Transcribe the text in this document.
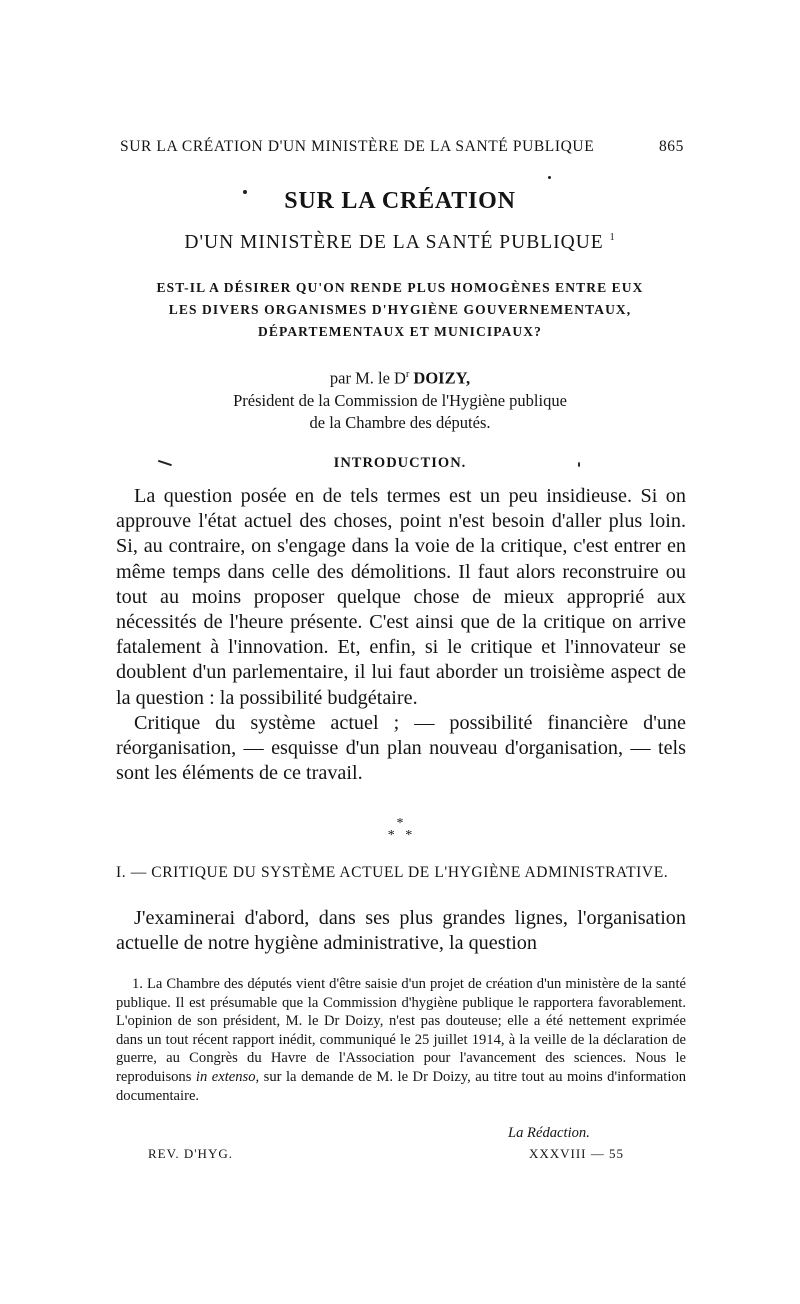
SUR LA CRÉATION D'UN MINISTÈRE DE LA SANTÉ PUBLIQUE	865
SUR LA CRÉATION
D'UN MINISTÈRE DE LA SANTÉ PUBLIQUE $^1$
EST-IL A DÉSIRER QU'ON RENDE PLUS HOMOGÈNES ENTRE EUX
LES DIVERS ORGANISMES D'HYGIÈNE GOUVERNEMENTAUX,
DÉPARTEMENTAUX ET MUNICIPAUX?
par M. le $D^r$ DOIZY,
Président de la Commission de l'Hygiène publique
de la Chambre des députés.
INTRODUCTION.

La question posée en de tels termes est un peu insidieuse. Si on approuve l'état actuel des choses, point n'est besoin d'aller plus loin. Si, au contraire, on s'engage dans la voie de la critique, c'est entrer en même temps dans celle des démolitions. Il faut alors reconstruire ou tout au moins proposer quelque chose de mieux approprié aux nécessités de l'heure présente. C'est ainsi que de la critique on arrive fatalement à l'innovation. Et, enfin, si le critique et l'innovateur se doublent d'un parlementaire, il lui faut aborder un troisième aspect de la question : la possibilité budgétaire.

Critique du système actuel ; — possibilité financière d'une réorganisation, — esquisse d'un plan nouveau d'organisation, — tels sont les éléments de ce travail.

*
*   *
I. — CRITIQUE DU SYSTÈME ACTUEL DE L'HYGIÈNE ADMINISTRATIVE.

J'examinerai d'abord, dans ses plus grandes lignes, l'organisation actuelle de notre hygiène administrative, la question

1. La Chambre des députés vient d'être saisie d'un projet de création d'un ministère de la santé publique. Il est présumable que la Commission d'hygiène publique le rapportera favorablement. L'opinion de son président, M. le Dr Doizy, n'est pas douteuse; elle a été nettement exprimée dans un tout récent rapport inédit, communiqué le 25 juillet 1914, à la veille de la déclaration de guerre, au Congrès du Havre de l'Association pour l'avancement des sciences. Nous le reproduisons in extenso, sur la demande de M. le Dr Doizy, au titre tout au moins d'information documentaire.

La Rédaction.
REV. D'HYG.	XXXVIII — 55
